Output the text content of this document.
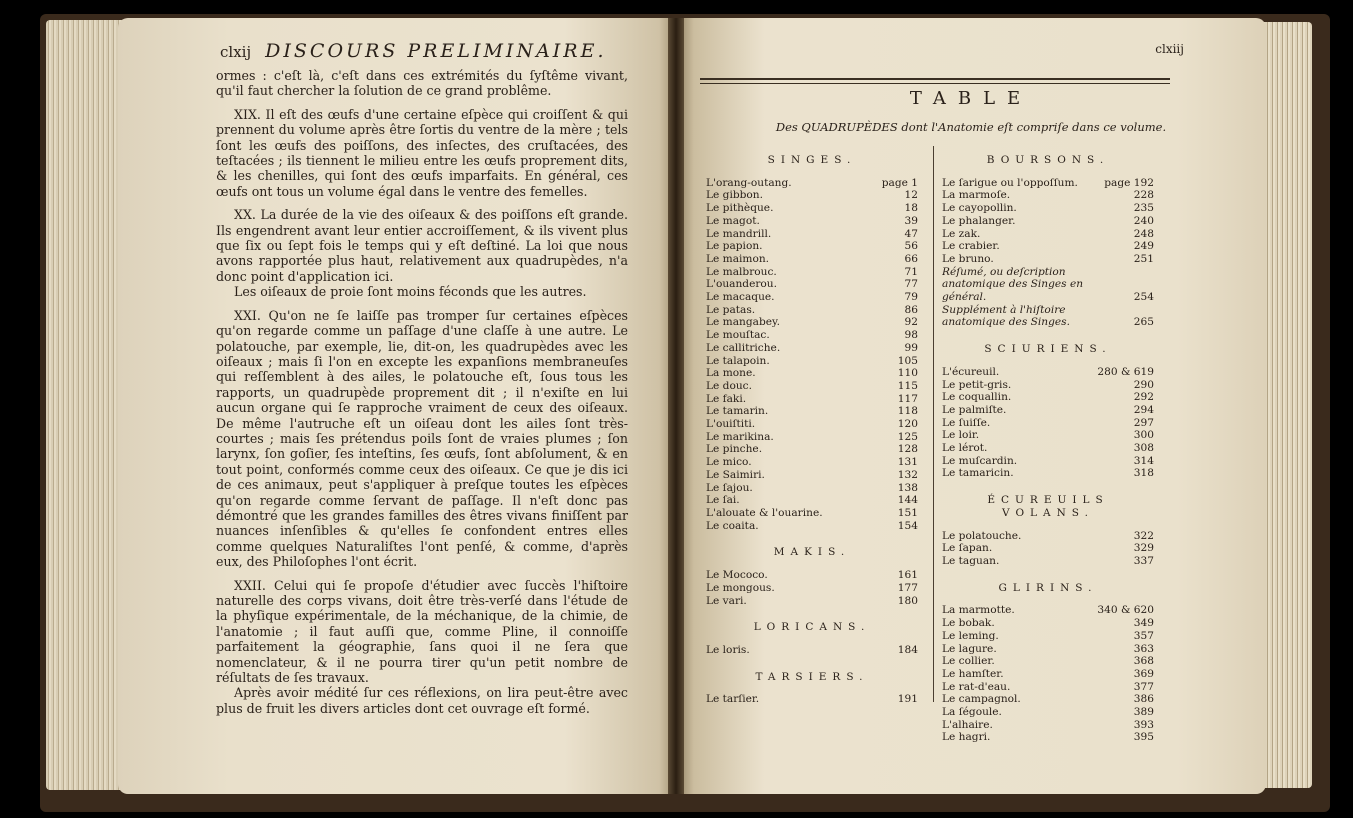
clxij DISCOURS PRELIMINAIRE.

ormes : c'eſt là, c'eſt dans ces extrémités du ſyſtême vivant, qu'il faut chercher la ſolution de ce grand problême.

XIX. Il eſt des œufs d'une certaine eſpèce qui croiſſent & qui prennent du volume après être ſortis du ventre de la mère ; tels ſont les œufs des poiſſons, des inſectes, des cruſtacées, des teſtacées ; ils tiennent le milieu entre les œufs proprement dits, & les chenilles, qui ſont des œufs imparfaits. En général, ces œufs ont tous un volume égal dans le ventre des femelles.

XX. La durée de la vie des oiſeaux & des poiſſons eſt grande. Ils engendrent avant leur entier accroiſſement, & ils vivent plus que ſix ou ſept fois le temps qui y eſt deſtiné. La loi que nous avons rapportée plus haut, relativement aux quadrupèdes, n'a donc point d'application ici.

Les oiſeaux de proie ſont moins féconds que les autres.

XXI. Qu'on ne ſe laiſſe pas tromper ſur certaines eſpèces qu'on regarde comme un paſſage d'une claſſe à une autre. Le polatouche, par exemple, lie, dit-on, les quadrupèdes avec les oiſeaux ; mais ſi l'on en excepte les expanſions membraneuſes qui reſſemblent à des ailes, le polatouche eſt, ſous tous les rapports, un quadrupède proprement dit ; il n'exiſte en lui aucun organe qui ſe rapproche vraiment de ceux des oiſeaux. De même l'autruche eſt un oiſeau dont les ailes ſont très-courtes ; mais ſes prétendus poils ſont de vraies plumes ; ſon larynx, ſon goſier, ſes inteſtins, ſes œufs, ſont abſolument, & en tout point, conformés comme ceux des oiſeaux. Ce que je dis ici de ces animaux, peut s'appliquer à preſque toutes les eſpèces qu'on regarde comme ſervant de paſſage. Il n'eſt donc pas démontré que les grandes familles des êtres vivans finiſſent par nuances inſenſibles & qu'elles ſe confondent entres elles comme quelques Naturaliſtes l'ont penſé, & comme, d'après eux, des Philoſophes l'ont écrit.

XXII. Celui qui ſe propoſe d'étudier avec ſuccès l'hiſtoire naturelle des corps vivans, doit être très-verſé dans l'étude de la phyſique expérimentale, de la méchanique, de la chimie, de l'anatomie ; il faut auſſi que, comme Pline, il connoiſſe parfaitement la géographie, ſans quoi il ne ſera que nomenclateur, & il ne pourra tirer qu'un petit nombre de réſultats de ſes travaux.

Après avoir médité ſur ces réflexions, on lira peut-être avec plus de fruit les divers articles dont cet ouvrage eſt formé.

clxiij
TABLE
Des QUADRUPÈDES dont l'Anatomie eſt compriſe dans ce volume.
SINGES.
L'orang-outang.	page 1
Le gibbon.	12
Le pithèque.	18
Le magot.	39
Le mandrill.	47
Le papion.	56
Le maimon.	66
Le malbrouc.	71
L'ouanderou.	77
Le macaque.	79
Le patas.	86
Le mangabey.	92
Le mouſtac.	98
Le callitriche.	99
Le talapoin.	105
La mone.	110
Le douc.	115
Le faki.	117
Le tamarin.	118
L'ouiſtiti.	120
Le marikina.	125
Le pinche.	128
Le mico.	131
Le Saimiri.	132
Le ſajou.	138
Le ſai.	144
L'alouate & l'ouarine.	151
Le coaita.	154
MAKIS.
Le Mococo.	161
Le mongous.	177
Le vari.	180
LORICANS.
Le loris.	184
TARSIERS.
Le tarſier.	191
BOURSONS.
Le ſarigue ou l'oppoſſum.	page 192
La marmoſe.	228
Le cayopollin.	235
Le phalanger.	240
Le zak.	248
Le crabier.	249
Le bruno.	251
Réſumé, ou deſcription anatomique des Singes en général.	254
Supplément à l'hiſtoire anatomique des Singes.	265
SCIURIENS.
L'écureuil.	280 & 619
Le petit-gris.	290
Le coquallin.	292
Le palmiſte.	294
Le ſuiſſe.	297
Le loir.	300
Le lérot.	308
Le muſcardin.	314
Le tamaricin.	318
ÉCUREUILS VOLANS.
Le polatouche.	322
Le ſapan.	329
Le taguan.	337
GLIRINS.
La marmotte.	340 & 620
Le bobak.	349
Le leming.	357
Le lagure.	363
Le collier.	368
Le hamſter.	369
Le rat-d'eau.	377
Le campagnol.	386
La ſégoule.	389
L'alhaire.	393
Le hagri.	395
